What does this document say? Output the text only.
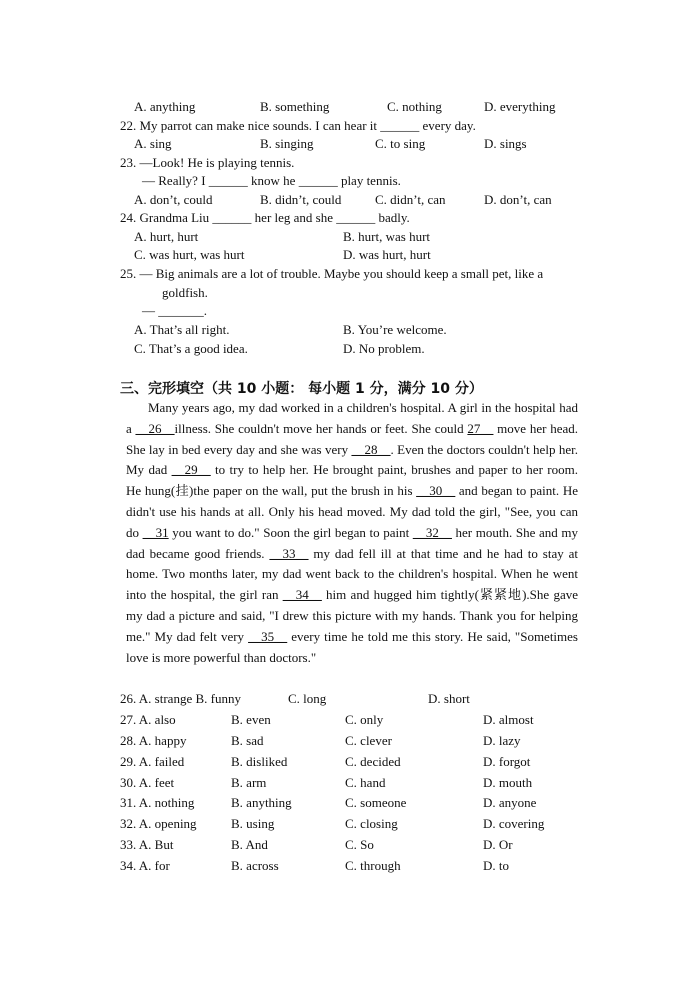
A. anything	B. something	C. nothing	D. everything
22. My parrot can make nice sounds. I can hear it ______ every day.
A. sing	B. singing	C. to sing	D. sings
23. —Look! He is playing tennis.
— Really? I ______ know he ______ play tennis.
A. don’t, could	B. didn’t, could	C. didn’t, can	D. don’t, can
24. Grandma Liu ______ her leg and she ______ badly.
A. hurt, hurt	B. hurt, was hurt
C. was hurt, was hurt	D. was hurt, hurt
25. — Big animals are a lot of trouble. Maybe you should keep a small pet, like a
goldfish.
— _______.
A. That’s all right.	B. You’re welcome.
C. That’s a good idea.	D. No problem.
三、完形填空（共 10 小题： 每小题 1 分，满分 10 分）
Many years ago, my dad worked in a children's hospital. A girl in the hospital had a __26__illness. She couldn't move her hands or feet. She could 27__ move her head. She lay in bed every day and she was very __28__. Even the doctors couldn't help her. My dad __29__ to try to help her. He brought paint, brushes and paper to her room. He hung(挂)the paper on the wall, put the brush in his __30__ and began to paint. He didn't use his hands at all. Only his head moved. My dad told the girl, "See, you can do __31 you want to do." Soon the girl began to paint __32__ her mouth. She and my dad became good friends. __33__ my dad fell ill at that time and he had to stay at home. Two months later, my dad went back to the children's hospital. When he went into the hospital, the girl ran __34__ him and hugged him tightly(紧紧地).She gave my dad a picture and said, "I drew this picture with my hands. Thank you for helping me." My dad felt very __35__ every time he told me this story. He said, "Sometimes love is more powerful than doctors."
26. A. strange B. funny	C. long	D. short
27. A. also	B. even	C. only	D. almost
28. A. happy	B. sad	C. clever	D. lazy
29. A. failed	B. disliked	C. decided	D. forgot
30. A. feet	B. arm	C. hand	D. mouth
31. A. nothing	B. anything	C. someone	D. anyone
32. A. opening	B. using	C. closing	D. covering
33. A. But	B. And	C. So	D. Or
34. A. for	B. across	C. through	D. to
